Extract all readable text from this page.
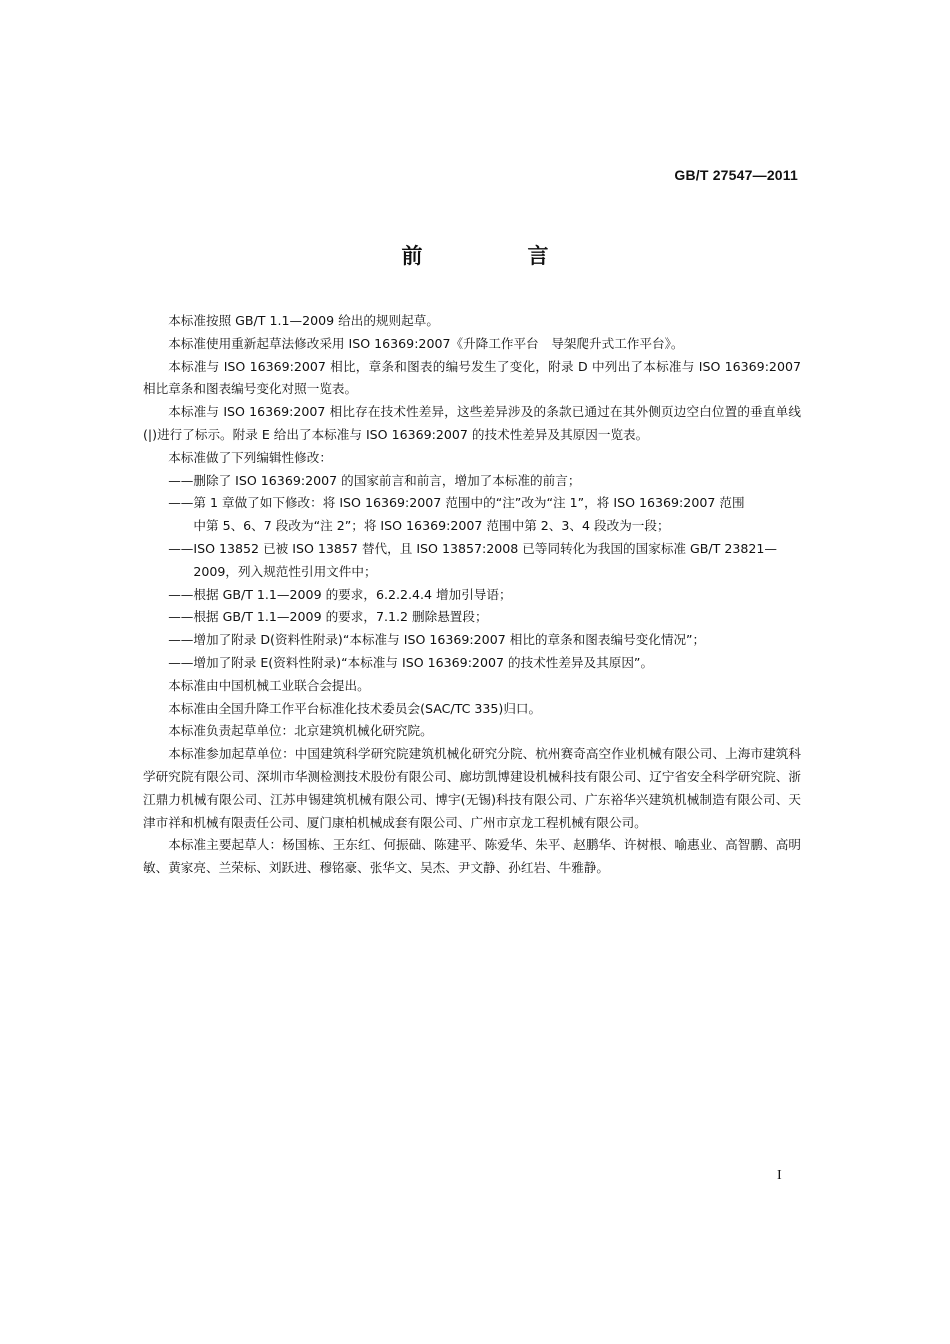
GB/T 27547—2011
前　言

本标准按照 GB/T 1.1—2009 给出的规则起草。

本标准使用重新起草法修改采用 ISO 16369:2007《升降工作平台　导架爬升式工作平台》。

本标准与 ISO 16369:2007 相比，章条和图表的编号发生了变化，附录 D 中列出了本标准与 ISO 16369:2007 相比章条和图表编号变化对照一览表。

本标准与 ISO 16369:2007 相比存在技术性差异，这些差异涉及的条款已通过在其外侧页边空白位置的垂直单线(|)进行了标示。附录 E 给出了本标准与 ISO 16369:2007 的技术性差异及其原因一览表。

本标准做了下列编辑性修改：

——删除了 ISO 16369:2007 的国家前言和前言，增加了本标准的前言；

——第 1 章做了如下修改：将 ISO 16369:2007 范围中的“注”改为“注 1”，将 ISO 16369:2007 范围
中第 5、6、7 段改为“注 2”；将 ISO 16369:2007 范围中第 2、3、4 段改为一段；

——ISO 13852 已被 ISO 13857 替代，且 ISO 13857:2008 已等同转化为我国的国家标准 GB/T 23821—
2009，列入规范性引用文件中；

——根据 GB/T 1.1—2009 的要求，6.2.2.4.4 增加引导语；

——根据 GB/T 1.1—2009 的要求，7.1.2 删除悬置段；

——增加了附录 D(资料性附录)“本标准与 ISO 16369:2007 相比的章条和图表编号变化情况”；

——增加了附录 E(资料性附录)“本标准与 ISO 16369:2007 的技术性差异及其原因”。

本标准由中国机械工业联合会提出。

本标准由全国升降工作平台标准化技术委员会(SAC/TC 335)归口。

本标准负责起草单位：北京建筑机械化研究院。

本标准参加起草单位：中国建筑科学研究院建筑机械化研究分院、杭州赛奇高空作业机械有限公司、上海市建筑科学研究院有限公司、深圳市华测检测技术股份有限公司、廊坊凯博建设机械科技有限公司、辽宁省安全科学研究院、浙江鼎力机械有限公司、江苏申锡建筑机械有限公司、博宇(无锡)科技有限公司、广东裕华兴建筑机械制造有限公司、天津市祥和机械有限责任公司、厦门康柏机械成套有限公司、广州市京龙工程机械有限公司。

本标准主要起草人：杨国栋、王东红、何振础、陈建平、陈爱华、朱平、赵鹏华、许树根、喻惠业、高智鹏、高明敏、黄家亮、兰荣标、刘跃进、穆铭豪、张华文、吴杰、尹文静、孙红岩、牛雅静。

I
